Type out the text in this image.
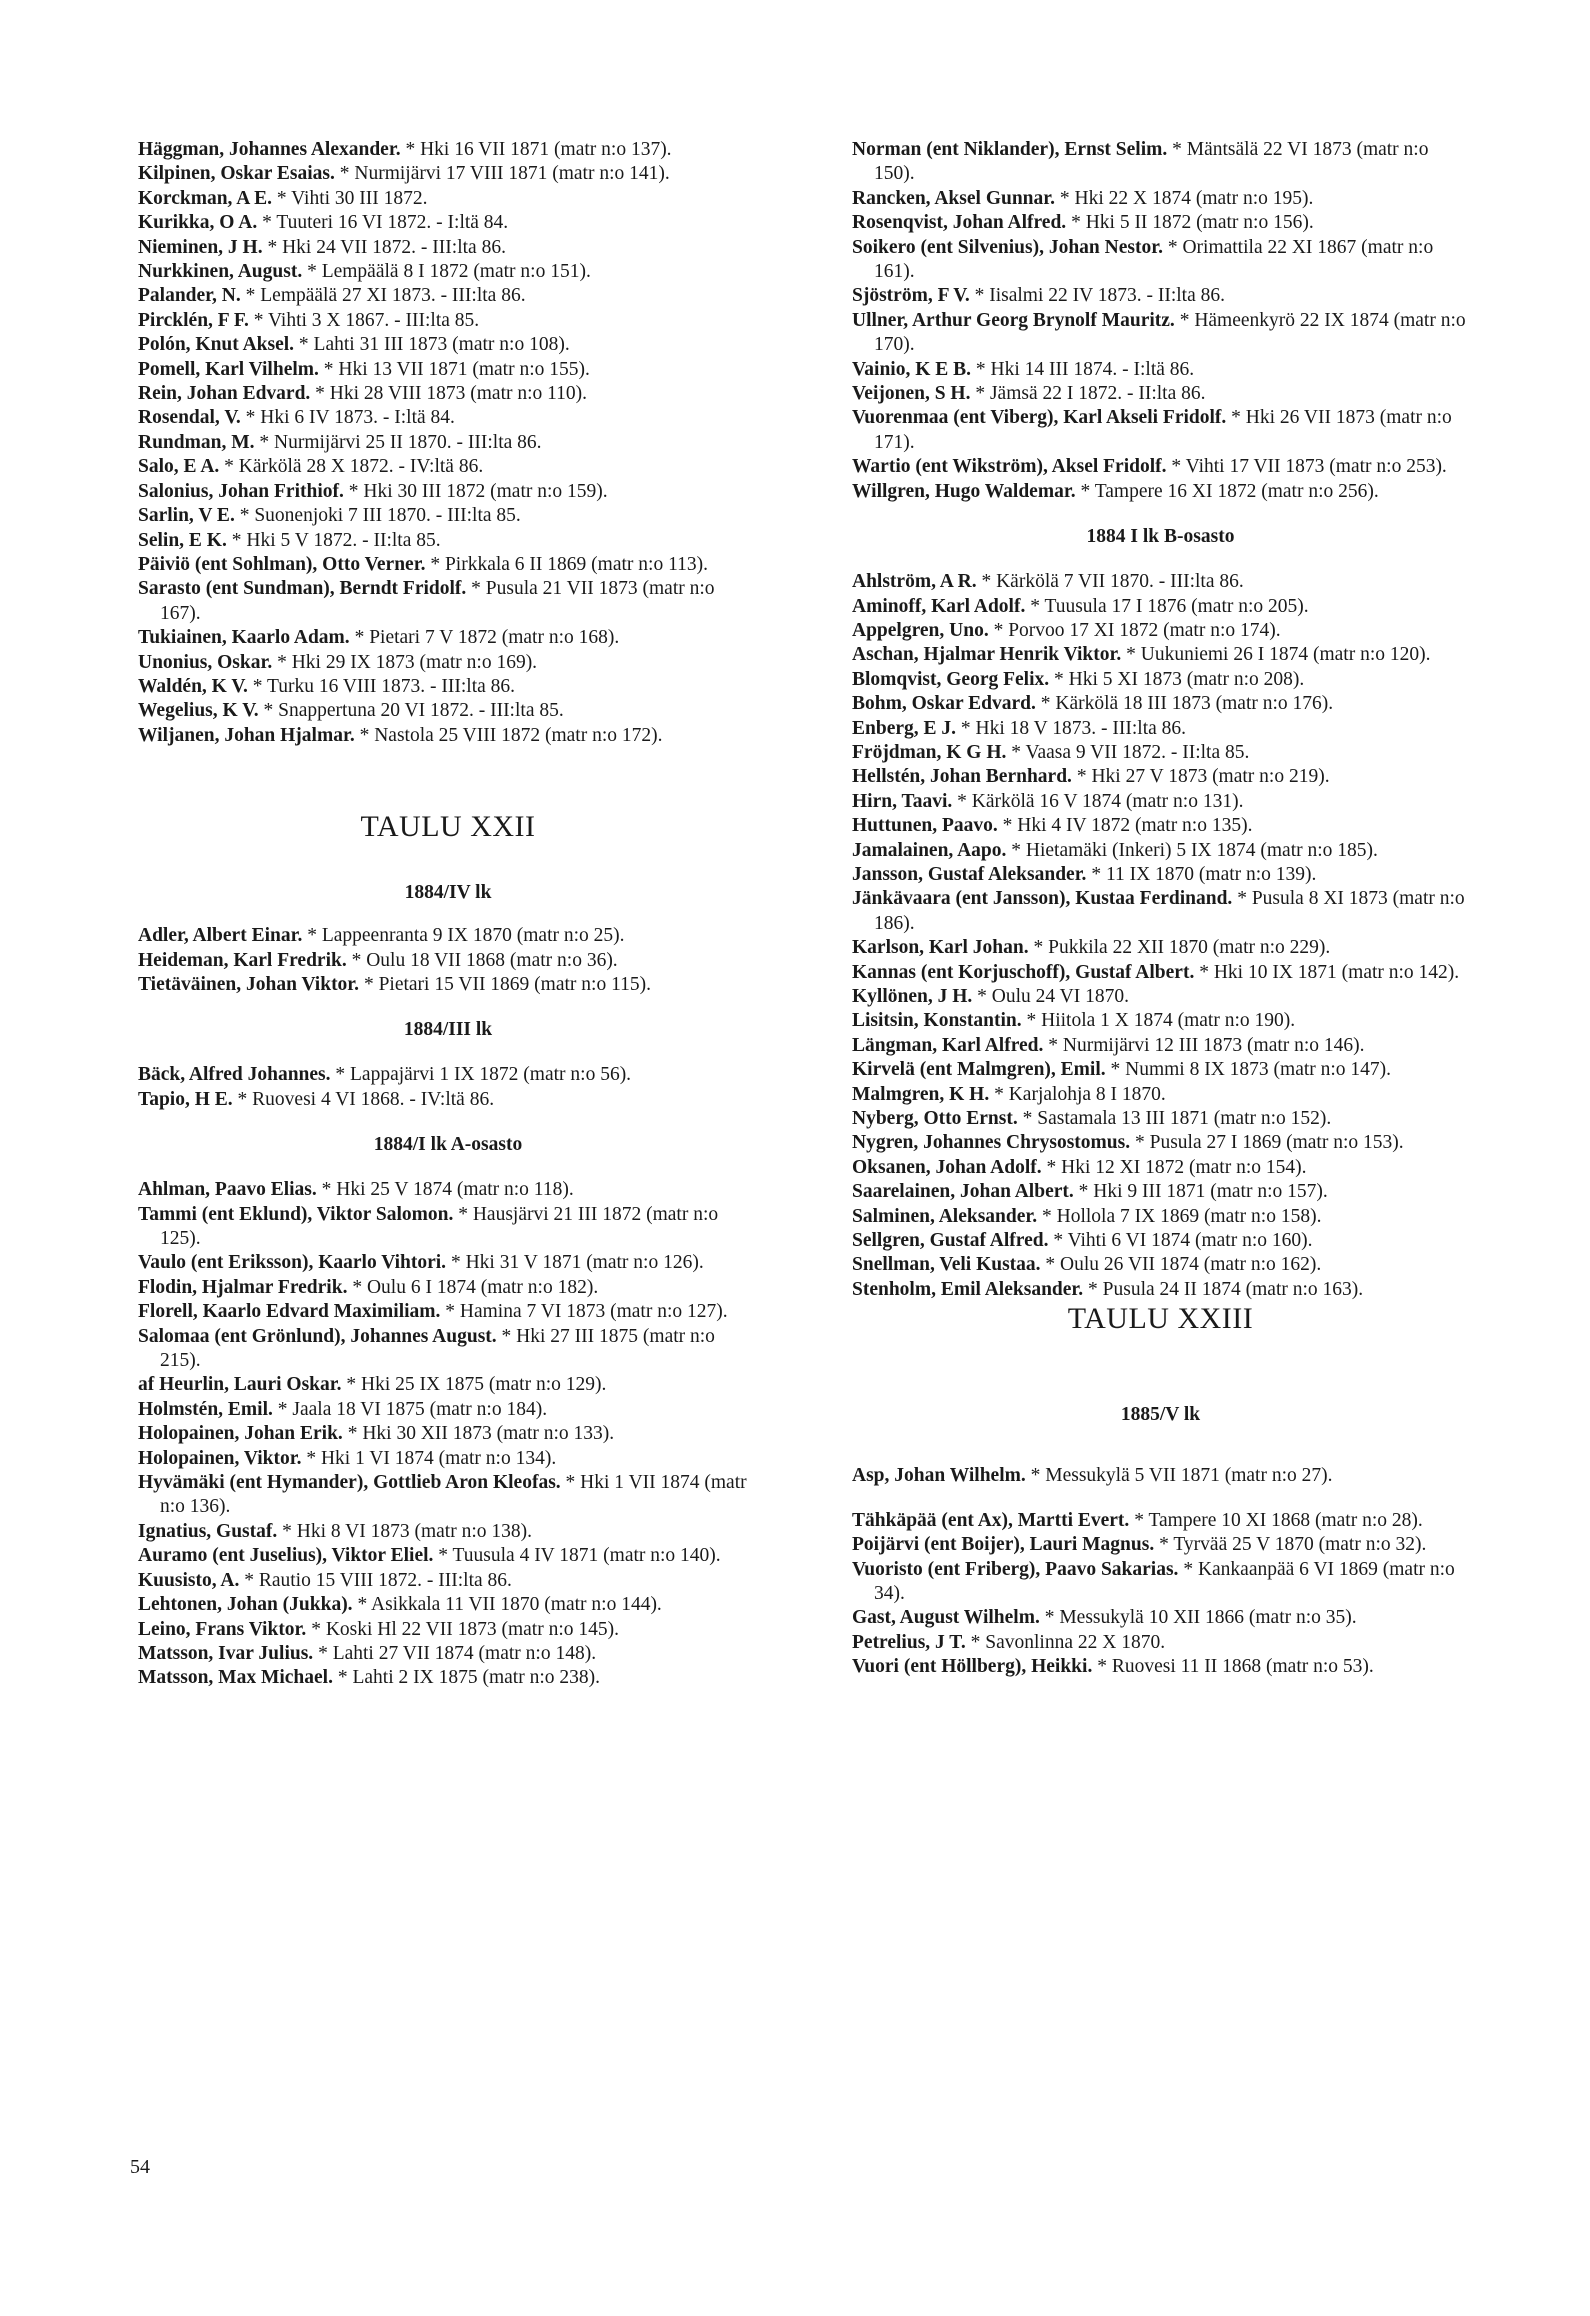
Häggman, Johannes Alexander. * Hki 16 VII 1871 (matr n:o 137).

Kilpinen, Oskar Esaias. * Nurmijärvi 17 VIII 1871 (matr n:o 141).

Korckman, A E. * Vihti 30 III 1872.

Kurikka, O A. * Tuuteri 16 VI 1872. - I:ltä 84.

Nieminen, J H. * Hki 24 VII 1872. - III:lta 86.

Nurkkinen, August. * Lempäälä 8 I 1872 (matr n:o 151).

Palander, N. * Lempäälä 27 XI 1873. - III:lta 86.

Pircklén, F F. * Vihti 3 X 1867. - III:lta 85.

Polón, Knut Aksel. * Lahti 31 III 1873 (matr n:o 108).

Pomell, Karl Vilhelm. * Hki 13 VII 1871 (matr n:o 155).

Rein, Johan Edvard. * Hki 28 VIII 1873 (matr n:o 110).

Rosendal, V. * Hki 6 IV 1873. - I:ltä 84.

Rundman, M. * Nurmijärvi 25 II 1870. - III:lta 86.

Salo, E A. * Kärkölä 28 X 1872. - IV:ltä 86.

Salonius, Johan Frithiof. * Hki 30 III 1872 (matr n:o 159).

Sarlin, V E. * Suonenjoki 7 III 1870. - III:lta 85.

Selin, E K. * Hki 5 V 1872. - II:lta 85.

Päiviö (ent Sohlman), Otto Verner. * Pirkkala 6 II 1869 (matr n:o 113).

Sarasto (ent Sundman), Berndt Fridolf. * Pusula 21 VII 1873 (matr n:o 167).

Tukiainen, Kaarlo Adam. * Pietari 7 V 1872 (matr n:o 168).

Unonius, Oskar. * Hki 29 IX 1873 (matr n:o 169).

Waldén, K V. * Turku 16 VIII 1873. - III:lta 86.

Wegelius, K V. * Snappertuna 20 VI 1872. - III:lta 85.

Wiljanen, Johan Hjalmar. * Nastola 25 VIII 1872 (matr n:o 172).

TAULU XXII
1884/IV lk

Adler, Albert Einar. * Lappeenranta 9 IX 1870 (matr n:o 25).

Heideman, Karl Fredrik. * Oulu 18 VII 1868 (matr n:o 36).

Tietäväinen, Johan Viktor. * Pietari 15 VII 1869 (matr n:o 115).

1884/III lk

Bäck, Alfred Johannes. * Lappajärvi 1 IX 1872 (matr n:o 56).

Tapio, H E. * Ruovesi 4 VI 1868. - IV:ltä 86.

1884/I lk A-osasto

Ahlman, Paavo Elias. * Hki 25 V 1874 (matr n:o 118).

Tammi (ent Eklund), Viktor Salomon. * Hausjärvi 21 III 1872 (matr n:o 125).

Vaulo (ent Eriksson), Kaarlo Vihtori. * Hki 31 V 1871 (matr n:o 126).

Flodin, Hjalmar Fredrik. * Oulu 6 I 1874 (matr n:o 182).

Florell, Kaarlo Edvard Maximiliam. * Hamina 7 VI 1873 (matr n:o 127).

Salomaa (ent Grönlund), Johannes August. * Hki 27 III 1875 (matr n:o 215).

af Heurlin, Lauri Oskar. * Hki 25 IX 1875 (matr n:o 129).

Holmstén, Emil. * Jaala 18 VI 1875 (matr n:o 184).

Holopainen, Johan Erik. * Hki 30 XII 1873 (matr n:o 133).

Holopainen, Viktor. * Hki 1 VI 1874 (matr n:o 134).

Hyvämäki (ent Hymander), Gottlieb Aron Kleofas. * Hki 1 VII 1874 (matr n:o 136).

Ignatius, Gustaf. * Hki 8 VI 1873 (matr n:o 138).

Auramo (ent Juselius), Viktor Eliel. * Tuusula 4 IV 1871 (matr n:o 140).

Kuusisto, A. * Rautio 15 VIII 1872. - III:lta 86.

Lehtonen, Johan (Jukka). * Asikkala 11 VII 1870 (matr n:o 144).

Leino, Frans Viktor. * Koski Hl 22 VII 1873 (matr n:o 145).

Matsson, Ivar Julius. * Lahti 27 VII 1874 (matr n:o 148).

Matsson, Max Michael. * Lahti 2 IX 1875 (matr n:o 238).

Norman (ent Niklander), Ernst Selim. * Mäntsälä 22 VI 1873 (matr n:o 150).

Rancken, Aksel Gunnar. * Hki 22 X 1874 (matr n:o 195).

Rosenqvist, Johan Alfred. * Hki 5 II 1872 (matr n:o 156).

Soikero (ent Silvenius), Johan Nestor. * Orimattila 22 XI 1867 (matr n:o 161).

Sjöström, F V. * Iisalmi 22 IV 1873. - II:lta 86.

Ullner, Arthur Georg Brynolf Mauritz. * Hämeenkyrö 22 IX 1874 (matr n:o 170).

Vainio, K E B. * Hki 14 III 1874. - I:ltä 86.

Veijonen, S H. * Jämsä 22 I 1872. - II:lta 86.

Vuorenmaa (ent Viberg), Karl Akseli Fridolf. * Hki 26 VII 1873 (matr n:o 171).

Wartio (ent Wikström), Aksel Fridolf. * Vihti 17 VII 1873 (matr n:o 253).

Willgren, Hugo Waldemar. * Tampere 16 XI 1872 (matr n:o 256).

1884 I lk B-osasto

Ahlström, A R. * Kärkölä 7 VII 1870. - III:lta 86.

Aminoff, Karl Adolf. * Tuusula 17 I 1876 (matr n:o 205).

Appelgren, Uno. * Porvoo 17 XI 1872 (matr n:o 174).

Aschan, Hjalmar Henrik Viktor. * Uukuniemi 26 I 1874 (matr n:o 120).

Blomqvist, Georg Felix. * Hki 5 XI 1873 (matr n:o 208).

Bohm, Oskar Edvard. * Kärkölä 18 III 1873 (matr n:o 176).

Enberg, E J. * Hki 18 V 1873. - III:lta 86.

Fröjdman, K G H. * Vaasa 9 VII 1872. - II:lta 85.

Hellstén, Johan Bernhard. * Hki 27 V 1873 (matr n:o 219).

Hirn, Taavi. * Kärkölä 16 V 1874 (matr n:o 131).

Huttunen, Paavo. * Hki 4 IV 1872 (matr n:o 135).

Jamalainen, Aapo. * Hietamäki (Inkeri) 5 IX 1874 (matr n:o 185).

Jansson, Gustaf Aleksander. * 11 IX 1870 (matr n:o 139).

Jänkävaara (ent Jansson), Kustaa Ferdinand. * Pusula 8 XI 1873 (matr n:o 186).

Karlson, Karl Johan. * Pukkila 22 XII 1870 (matr n:o 229).

Kannas (ent Korjuschoff), Gustaf Albert. * Hki 10 IX 1871 (matr n:o 142).

Kyllönen, J H. * Oulu 24 VI 1870.

Lisitsin, Konstantin. * Hiitola 1 X 1874 (matr n:o 190).

Längman, Karl Alfred. * Nurmijärvi 12 III 1873 (matr n:o 146).

Kirvelä (ent Malmgren), Emil. * Nummi 8 IX 1873 (matr n:o 147).

Malmgren, K H. * Karjalohja 8 I 1870.

Nyberg, Otto Ernst. * Sastamala 13 III 1871 (matr n:o 152).

Nygren, Johannes Chrysostomus. * Pusula 27 I 1869 (matr n:o 153).

Oksanen, Johan Adolf. * Hki 12 XI 1872 (matr n:o 154).

Saarelainen, Johan Albert. * Hki 9 III 1871 (matr n:o 157).

Salminen, Aleksander. * Hollola 7 IX 1869 (matr n:o 158).

Sellgren, Gustaf Alfred. * Vihti 6 VI 1874 (matr n:o 160).

Snellman, Veli Kustaa. * Oulu 26 VII 1874 (matr n:o 162).

Stenholm, Emil Aleksander. * Pusula 24 II 1874 (matr n:o 163).

TAULU XXIII
1885/V lk

Asp, Johan Wilhelm. * Messukylä 5 VII 1871 (matr n:o 27).

Tähkäpää (ent Ax), Martti Evert. * Tampere 10 XI 1868 (matr n:o 28).

Poijärvi (ent Boijer), Lauri Magnus. * Tyrvää 25 V 1870 (matr n:o 32).

Vuoristo (ent Friberg), Paavo Sakarias. * Kankaanpää 6 VI 1869 (matr n:o 34).

Gast, August Wilhelm. * Messukylä 10 XII 1866 (matr n:o 35).

Petrelius, J T. * Savonlinna 22 X 1870.

Vuori (ent Höllberg), Heikki. * Ruovesi 11 II 1868 (matr n:o 53).

54
